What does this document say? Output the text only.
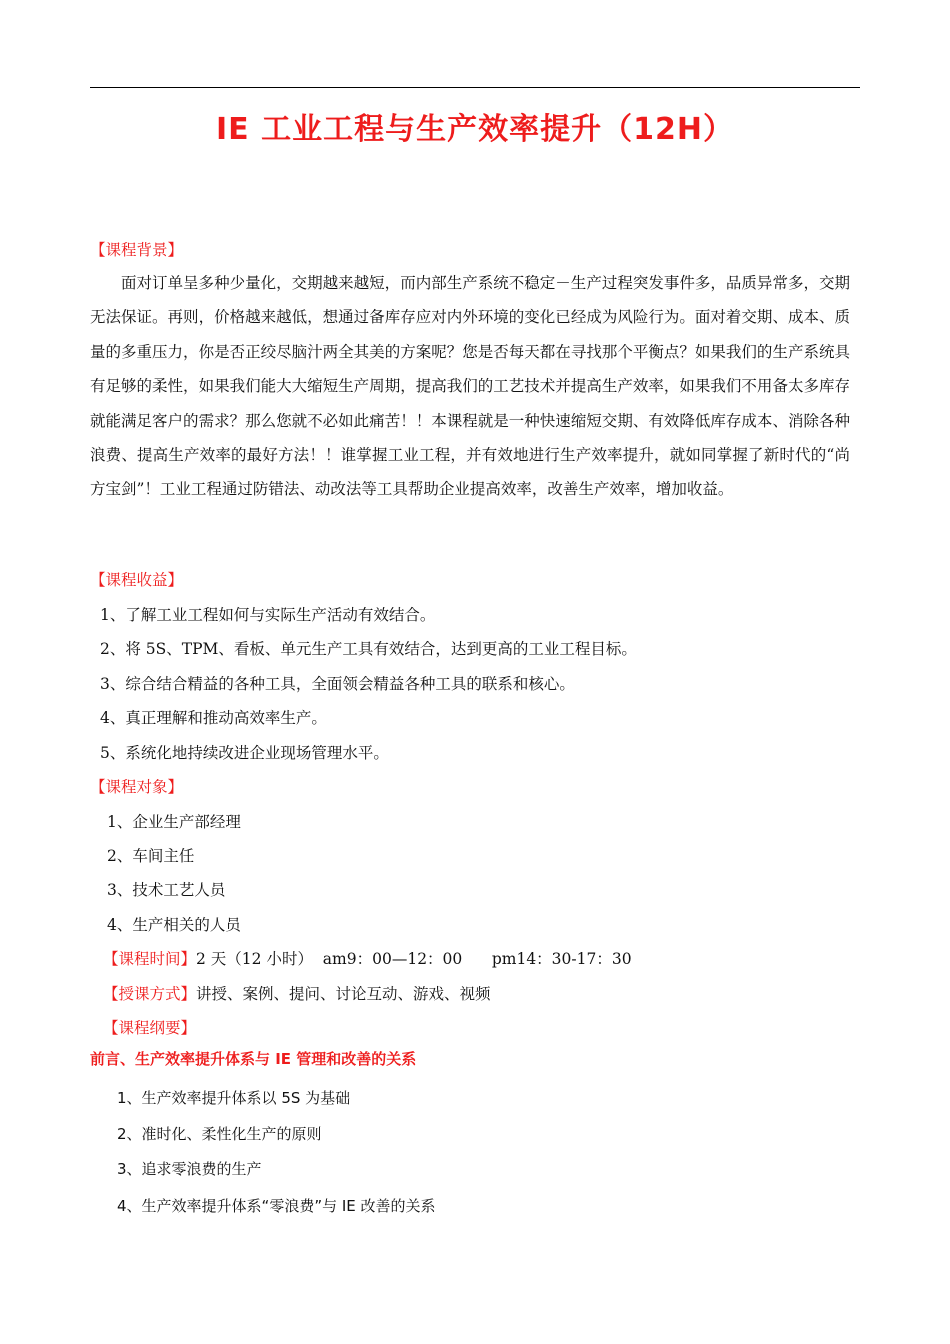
IE 工业工程与生产效率提升（12H）
【课程背景】

面对订单呈多种少量化，交期越来越短，而内部生产系统不稳定－生产过程突发事件多，品质异常多，交期无法保证。再则，价格越来越低，想通过备库存应对内外环境的变化已经成为风险行为。面对着交期、成本、质量的多重压力，你是否正绞尽脑汁两全其美的方案呢？您是否每天都在寻找那个平衡点？如果我们的生产系统具有足够的柔性，如果我们能大大缩短生产周期，提高我们的工艺技术并提高生产效率，如果我们不用备太多库存就能满足客户的需求？那么您就不必如此痛苦！！本课程就是一种快速缩短交期、有效降低库存成本、消除各种浪费、提高生产效率的最好方法！！谁掌握工业工程，并有效地进行生产效率提升，就如同掌握了新时代的“尚方宝剑”！工业工程通过防错法、动改法等工具帮助企业提高效率，改善生产效率，增加收益。

【课程收益】
1、了解工业工程如何与实际生产活动有效结合。
2、将 5S、TPM、看板、单元生产工具有效结合，达到更高的工业工程目标。
3、综合结合精益的各种工具，全面领会精益各种工具的联系和核心。
4、真正理解和推动高效率生产。
5、系统化地持续改进企业现场管理水平。
【课程对象】
1、企业生产部经理
2、车间主任
3、技术工艺人员
4、生产相关的人员
【课程时间】2 天（12 小时）  am9：00—12：00      pm14：30-17：30
【授课方式】讲授、案例、提问、讨论互动、游戏、视频
【课程纲要】
前言、生产效率提升体系与 IE 管理和改善的关系
1、生产效率提升体系以 5S 为基础
2、准时化、柔性化生产的原则
3、追求零浪费的生产
4、生产效率提升体系“零浪费”与 IE 改善的关系
